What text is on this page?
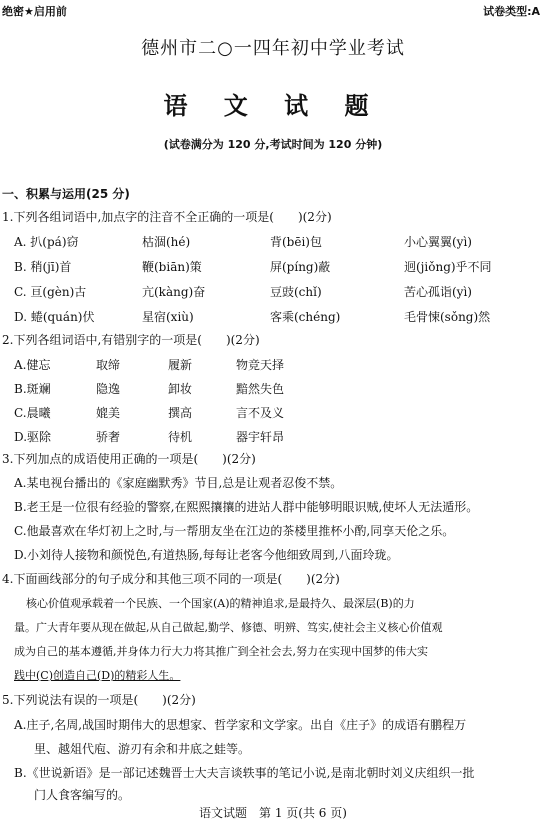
绝密★启用前	试卷类型:A
德州市二○一四年初中学业考试
语 文 试 题
(试卷满分为 120 分,考试时间为 120 分钟)
一、积累与运用(25 分)
1.下列各组词语中,加点字的注音不全正确的一项是(　　)(2分)
A. 扒(pá)窃	枯涸(hé)	背(bēi)包	小心翼翼(yì)
B. 稍(jī)首	鞭(biān)策	屏(píng)蔽	迥(jiǒng)乎不同
C. 亘(gèn)古	亢(kàng)奋	豆豉(chǐ)	苦心孤诣(yì)
D. 蜷(quán)伏	星宿(xiù)	客乘(chéng)	毛骨悚(sǒng)然
2.下列各组词语中,有错别字的一项是(　　)(2分)
A.健忘	取缔	履新	物竞天择
B.斑斓	隐逸	卸妆	黯然失色
C.晨曦	媲美	撰高	言不及义
D.驱除	骄奢	待机	器宇轩昂
3.下列加点的成语使用正确的一项是(　　)(2分)
A.某电视台播出的《家庭幽默秀》节目,总是让观者忍俊不禁。
B.老王是一位很有经验的警察,在熙熙攘攘的进站人群中能够明眼识贼,使坏人无法遁形。
C.他最喜欢在华灯初上之时,与一帮朋友坐在江边的茶楼里推杯小酌,同享天伦之乐。
D.小刘待人接物和颜悦色,有道热肠,每每让老客今他细致周到,八面玲珑。
4.下面画线部分的句子成分和其他三项不同的一项是(　　)(2分)
核心价值观承载着一个民族、一个国家(A)的精神追求,是最持久、最深层(B)的力
量。广大青年要从现在做起,从自己做起,勤学、修德、明辨、笃实,使社会主义核心价值观
成为自己的基本遵循,并身体力行大力将其推广到全社会去,努力在实现中国梦的伟大实
践中(C)创造自己(D)的精彩人生。
5.下列说法有误的一项是(　　)(2分)
A.庄子,名周,战国时期伟大的思想家、哲学家和文学家。出自《庄子》的成语有鹏程万
里、越俎代庖、游刃有余和井底之蛙等。
B.《世说新语》是一部记述魏晋士大夫言谈轶事的笔记小说,是南北朝时刘义庆组织一批
门人食客编写的。
语文试题　第 1 页(共 6 页)
